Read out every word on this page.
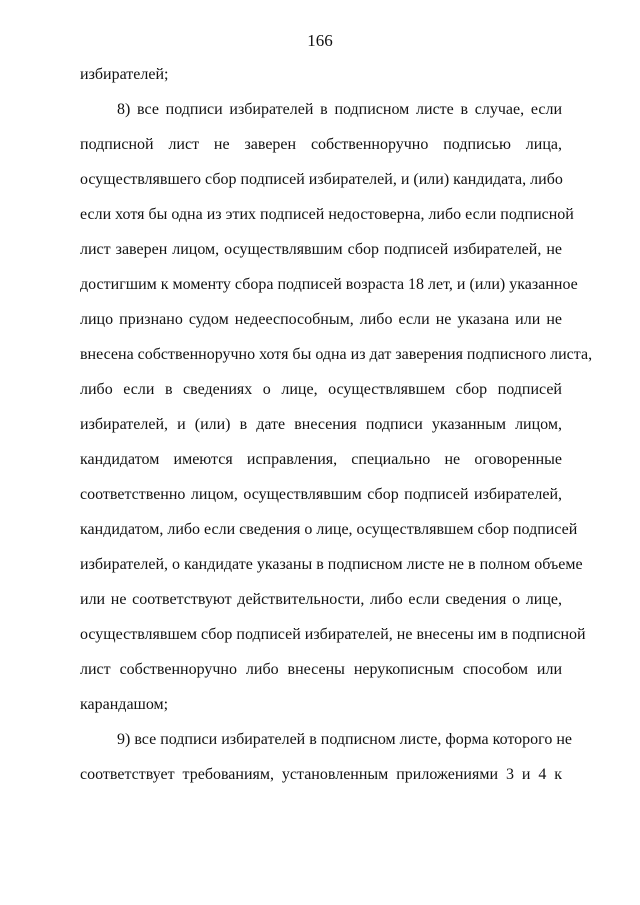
166
избирателей;
8) все подписи избирателей в подписном листе в случае, если
подписной лист не заверен собственноручно подписью лица,
осуществлявшего сбор подписей избирателей, и (или) кандидата, либо
если хотя бы одна из этих подписей недостоверна, либо если подписной
лист заверен лицом, осуществлявшим сбор подписей избирателей, не
достигшим к моменту сбора подписей возраста 18 лет, и (или) указанное
лицо признано судом недееспособным, либо если не указана или не
внесена собственноручно хотя бы одна из дат заверения подписного листа,
либо если в сведениях о лице, осуществлявшем сбор подписей
избирателей, и (или) в дате внесения подписи указанным лицом,
кандидатом имеются исправления, специально не оговоренные
соответственно лицом, осуществлявшим сбор подписей избирателей,
кандидатом, либо если сведения о лице, осуществлявшем сбор подписей
избирателей, о кандидате указаны в подписном листе не в полном объеме
или не соответствуют действительности, либо если сведения о лице,
осуществлявшем сбор подписей избирателей, не внесены им в подписной
лист собственноручно либо внесены нерукописным способом или
карандашом;
9) все подписи избирателей в подписном листе, форма которого не
соответствует требованиям, установленным приложениями 3 и 4 к
